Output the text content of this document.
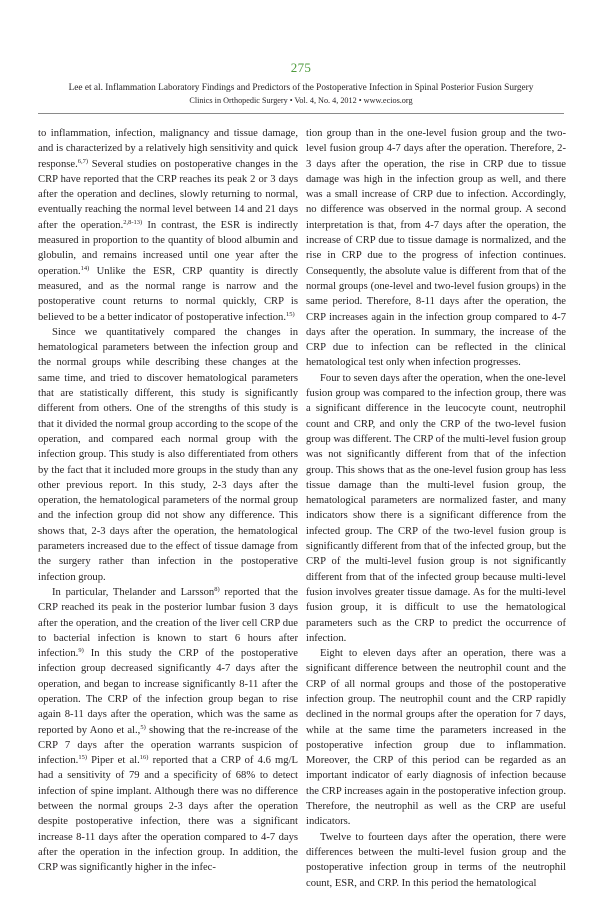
275
Lee et al. Inflammation Laboratory Findings and Predictors of the Postoperative Infection in Spinal Posterior Fusion Surgery
Clinics in Orthopedic Surgery • Vol. 4, No. 4, 2012 • www.ecios.org

to inflammation, infection, malignancy and tissue damage, and is characterized by a relatively high sensitivity and quick response.$^{6,7)}$ Several studies on postoperative changes in the CRP have reported that the CRP reaches its peak 2 or 3 days after the operation and declines, slowly returning to normal, eventually reaching the normal level between 14 and 21 days after the operation.$^{2,8-13)}$ In contrast, the ESR is indirectly measured in proportion to the quantity of blood albumin and globulin, and remains increased until one year after the operation.$^{14)}$ Unlike the ESR, CRP quantity is directly measured, and as the normal range is narrow and the postoperative count returns to normal quickly, CRP is believed to be a better indicator of postoperative infection.$^{15)}$

Since we quantitatively compared the changes in hematological parameters between the infection group and the normal groups while describing these changes at the same time, and tried to discover hematological parameters that are statistically different, this study is significantly different from others. One of the strengths of this study is that it divided the normal group according to the scope of the operation, and compared each normal group with the infection group. This study is also differentiated from others by the fact that it included more groups in the study than any other previous report. In this study, 2-3 days after the operation, the hematological parameters of the normal group and the infection group did not show any difference. This shows that, 2-3 days after the operation, the hematological parameters increased due to the effect of tissue damage from the surgery rather than infection in the postoperative infection group.

In particular, Thelander and Larsson$^{8)}$ reported that the CRP reached its peak in the posterior lumbar fusion 3 days after the operation, and the creation of the liver cell CRP due to bacterial infection is known to start 6 hours after infection.$^{9)}$ In this study the CRP of the postoperative infection group decreased significantly 4-7 days after the operation, and began to increase significantly 8-11 after the operation. The CRP of the infection group began to rise again 8-11 days after the operation, which was the same as reported by Aono et al.,$^{5)}$ showing that the re-increase of the CRP 7 days after the operation warrants suspicion of infection.$^{15)}$ Piper et al.$^{16)}$ reported that a CRP of 4.6 mg/L had a sensitivity of 79 and a specificity of 68% to detect infection of spine implant. Although there was no difference between the normal groups 2-3 days after the operation despite postoperative infection, there was a significant increase 8-11 days after the operation compared to 4-7 days after the operation in the infection group. In addition, the CRP was significantly higher in the infec-

tion group than in the one-level fusion group and the two-level fusion group 4-7 days after the operation. Therefore, 2-3 days after the operation, the rise in CRP due to tissue damage was high in the infection group as well, and there was a small increase of CRP due to infection. Accordingly, no difference was observed in the normal group. A second interpretation is that, from 4-7 days after the operation, the increase of CRP due to tissue damage is normalized, and the rise in CRP due to the progress of infection continues. Consequently, the absolute value is different from that of the normal groups (one-level and two-level fusion groups) in the same period. Therefore, 8-11 days after the operation, the CRP increases again in the infection group compared to 4-7 days after the operation. In summary, the increase of the CRP due to infection can be reflected in the clinical hematological test only when infection progresses.

Four to seven days after the operation, when the one-level fusion group was compared to the infection group, there was a significant difference in the leucocyte count, neutrophil count and CRP, and only the CRP of the two-level fusion group was different. The CRP of the multi-level fusion group was not significantly different from that of the infection group. This shows that as the one-level fusion group has less tissue damage than the multi-level fusion group, the hematological parameters are normalized faster, and many indicators show there is a significant difference from the infected group. The CRP of the two-level fusion group is significantly different from that of the infected group, but the CRP of the multi-level fusion group is not significantly different from that of the infected group because multi-level fusion involves greater tissue damage. As for the multi-level fusion group, it is difficult to use the hematological parameters such as the CRP to predict the occurrence of infection.

Eight to eleven days after an operation, there was a significant difference between the neutrophil count and the CRP of all normal groups and those of the postoperative infection group. The neutrophil count and the CRP rapidly declined in the normal groups after the operation for 7 days, while at the same time the parameters increased in the postoperative infection group due to inflammation. Moreover, the CRP of this period can be regarded as an important indicator of early diagnosis of infection because the CRP increases again in the postoperative infection group. Therefore, the neutrophil as well as the CRP are useful indicators.

Twelve to fourteen days after the operation, there were differences between the multi-level fusion group and the postoperative infection group in terms of the neutrophil count, ESR, and CRP. In this period the hematological
